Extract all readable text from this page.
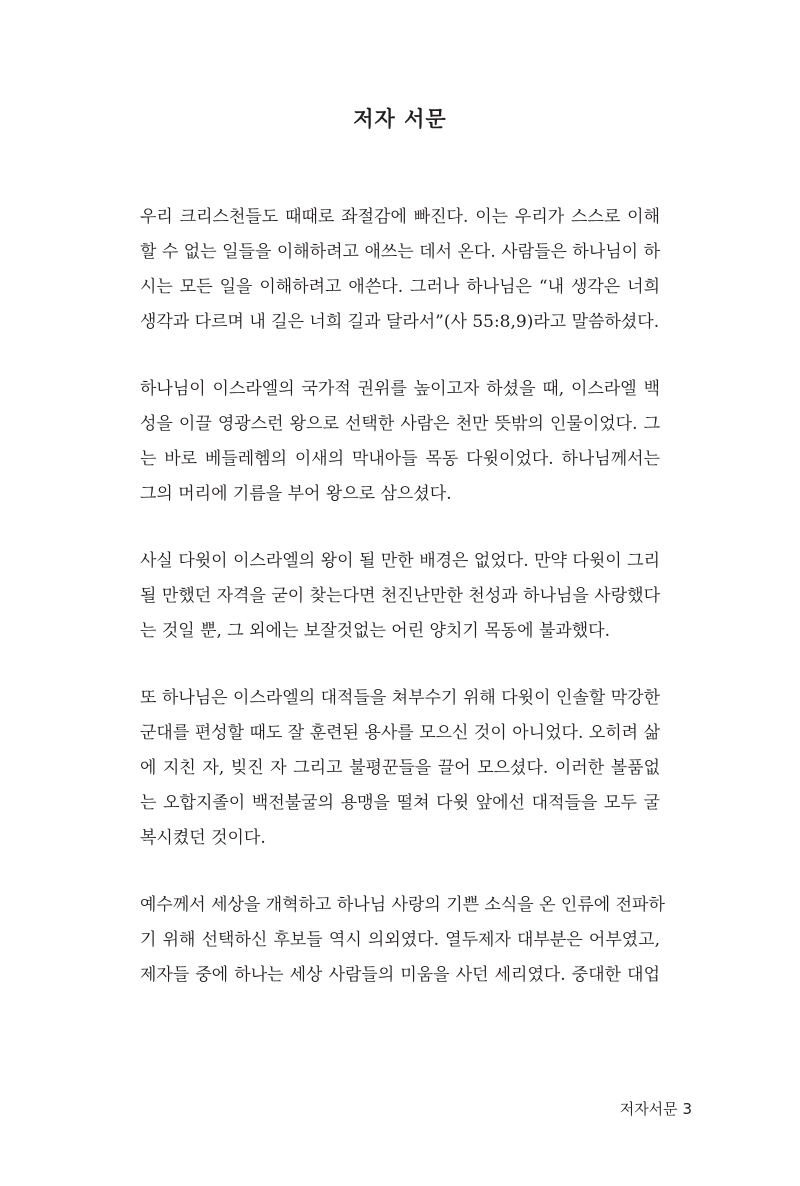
저자 서문
우리 크리스천들도 때때로 좌절감에 빠진다. 이는 우리가 스스로 이해
할 수 없는 일들을 이해하려고 애쓰는 데서 온다. 사람들은 하나님이 하
시는 모든 일을 이해하려고 애쓴다. 그러나 하나님은 “내 생각은 너희
생각과 다르며 내 길은 너희 길과 달라서”(사 55:8,9)라고 말씀하셨다.
하나님이 이스라엘의 국가적 권위를 높이고자 하셨을 때, 이스라엘 백
성을 이끌 영광스런 왕으로 선택한 사람은 천만 뜻밖의 인물이었다. 그
는 바로 베들레헴의 이새의 막내아들 목동 다윗이었다. 하나님께서는
그의 머리에 기름을 부어 왕으로 삼으셨다.
사실 다윗이 이스라엘의 왕이 될 만한 배경은 없었다. 만약 다윗이 그리
될 만했던 자격을 굳이 찾는다면 천진난만한 천성과 하나님을 사랑했다
는 것일 뿐, 그 외에는 보잘것없는 어린 양치기 목동에 불과했다.
또 하나님은 이스라엘의 대적들을 쳐부수기 위해 다윗이 인솔할 막강한
군대를 편성할 때도 잘 훈련된 용사를 모으신 것이 아니었다. 오히려 삶
에 지친 자, 빚진 자 그리고 불평꾼들을 끌어 모으셨다. 이러한 볼품없
는 오합지졸이 백전불굴의 용맹을 떨쳐 다윗 앞에선 대적들을 모두 굴
복시켰던 것이다.
예수께서 세상을 개혁하고 하나님 사랑의 기쁜 소식을 온 인류에 전파하
기 위해 선택하신 후보들 역시 의외였다. 열두제자 대부분은 어부였고,
제자들 중에 하나는 세상 사람들의 미움을 사던 세리였다. 중대한 대업
저자서문 3
